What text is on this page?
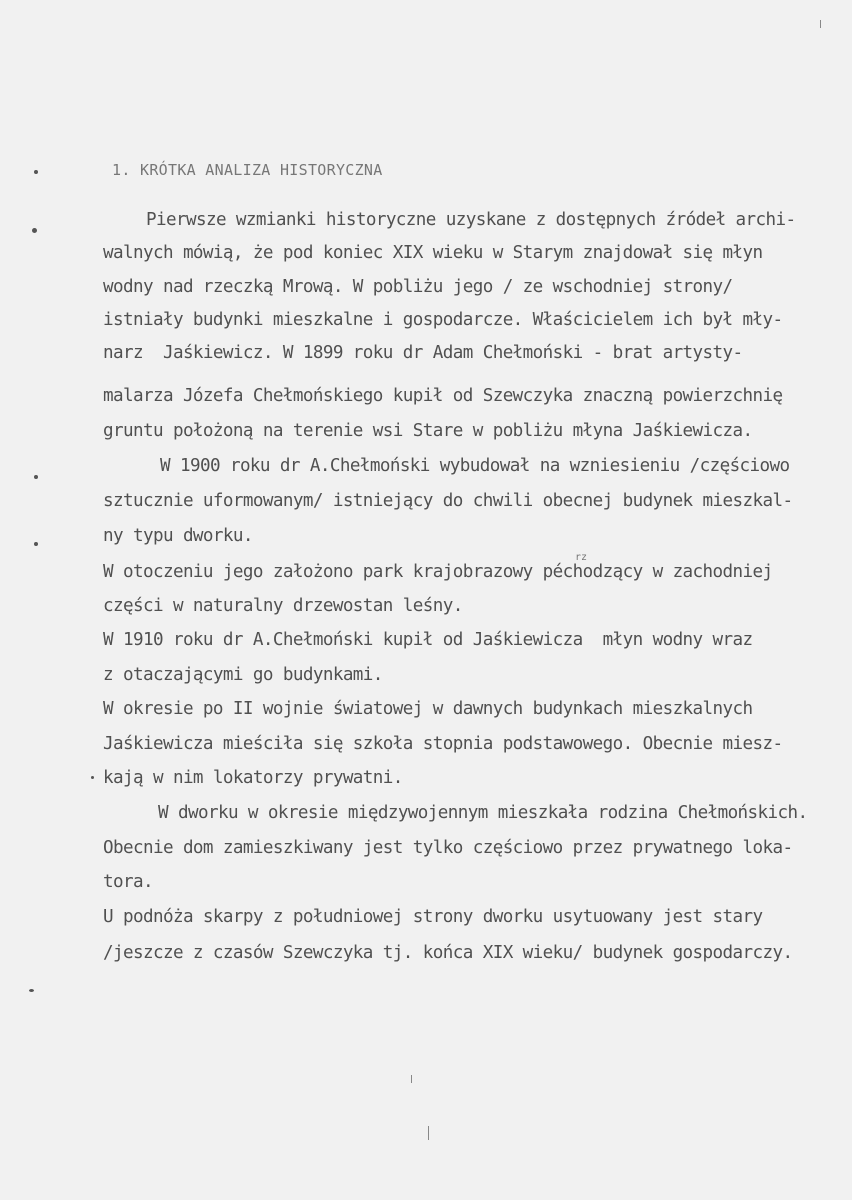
1. KRÓTKA ANALIZA HISTORYCZNA
Pierwsze wzmianki historyczne uzyskane z dostępnych źródeł archi-
walnych mówią, że pod koniec XIX wieku w Starym znajdował się młyn
wodny nad rzeczką Mrową. W pobliżu jego / ze wschodniej strony/
istniały budynki mieszkalne i gospodarcze. Właścicielem ich był mły-
narz  Jaśkiewicz. W 1899 roku dr Adam Chełmoński - brat artysty-
malarza Józefa Chełmońskiego kupił od Szewczyka znaczną powierzchnię
gruntu położoną na terenie wsi Stare w pobliżu młyna Jaśkiewicza.
W 1900 roku dr A.Chełmoński wybudował na wzniesieniu /częściowo
sztucznie uformowanym/ istniejący do chwili obecnej budynek mieszkal-
ny typu dworku.
rz
W otoczeniu jego założono park krajobrazowy péchodzący w zachodniej
części w naturalny drzewostan leśny.
W 1910 roku dr A.Chełmoński kupił od Jaśkiewicza  młyn wodny wraz
z otaczającymi go budynkami.
W okresie po II wojnie światowej w dawnych budynkach mieszkalnych
Jaśkiewicza mieściła się szkoła stopnia podstawowego. Obecnie miesz-
kają w nim lokatorzy prywatni.
W dworku w okresie międzywojennym mieszkała rodzina Chełmońskich.
Obecnie dom zamieszkiwany jest tylko częściowo przez prywatnego loka-
tora.
U podnóża skarpy z południowej strony dworku usytuowany jest stary
/jeszcze z czasów Szewczyka tj. końca XIX wieku/ budynek gospodarczy.
